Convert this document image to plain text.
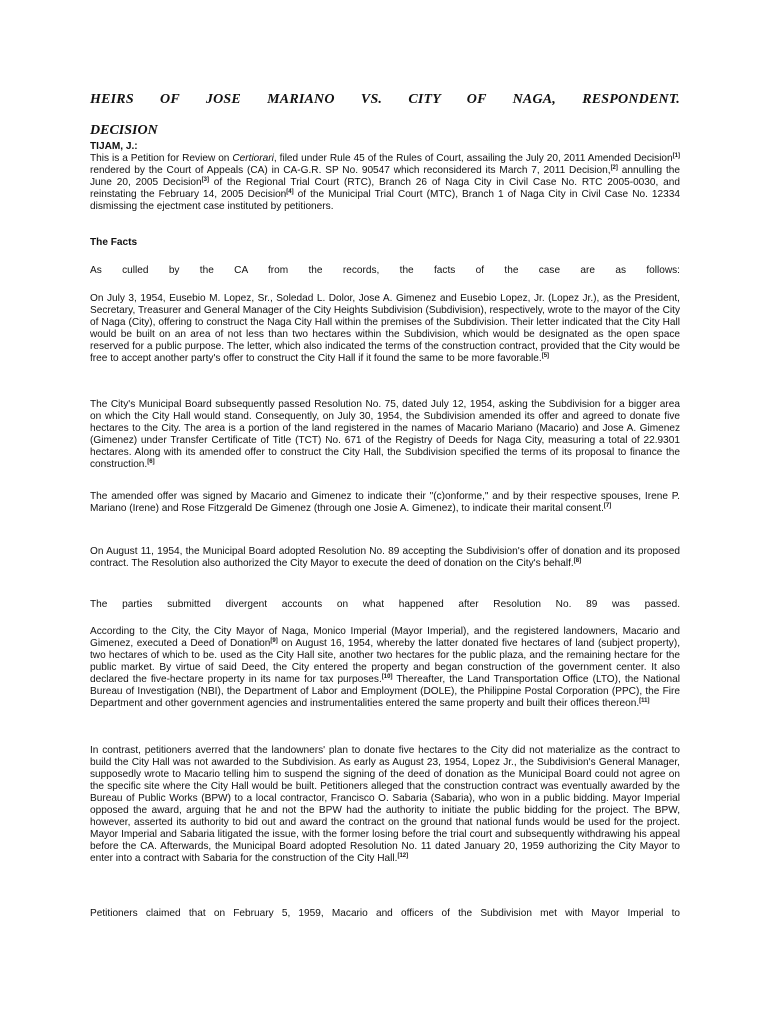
HEIRS OF JOSE MARIANO VS. CITY OF NAGA, RESPONDENT.
DECISION
TIJAM, J.:
This is a Petition for Review on Certiorari, filed under Rule 45 of the Rules of Court, assailing the July 20, 2011 Amended Decision[1] rendered by the Court of Appeals (CA) in CA-G.R. SP No. 90547 which reconsidered its March 7, 2011 Decision,[2] annulling the June 20, 2005 Decision[3] of the Regional Trial Court (RTC), Branch 26 of Naga City in Civil Case No. RTC 2005-0030, and reinstating the February 14, 2005 Decision[4] of the Municipal Trial Court (MTC), Branch 1 of Naga City in Civil Case No. 12334 dismissing the ejectment case instituted by petitioners.
The Facts
As culled by the CA from the records, the facts of the case are as follows:
On July 3, 1954, Eusebio M. Lopez, Sr., Soledad L. Dolor, Jose A. Gimenez and Eusebio Lopez, Jr. (Lopez Jr.), as the President, Secretary, Treasurer and General Manager of the City Heights Subdivision (Subdivision), respectively, wrote to the mayor of the City of Naga (City), offering to construct the Naga City Hall within the premises of the Subdivision. Their letter indicated that the City Hall would be built on an area of not less than two hectares within the Subdivision, which would be designated as the open space reserved for a public purpose. The letter, which also indicated the terms of the construction contract, provided that the City would be free to accept another party's offer to construct the City Hall if it found the same to be more favorable.[5]
The City's Municipal Board subsequently passed Resolution No. 75, dated July 12, 1954, asking the Subdivision for a bigger area on which the City Hall would stand. Consequently, on July 30, 1954, the Subdivision amended its offer and agreed to donate five hectares to the City. The area is a portion of the land registered in the names of Macario Mariano (Macario) and Jose A. Gimenez (Gimenez) under Transfer Certificate of Title (TCT) No. 671 of the Registry of Deeds for Naga City, measuring a total of 22.9301 hectares. Along with its amended offer to construct the City Hall, the Subdivision specified the terms of its proposal to finance the construction.[6]
The amended offer was signed by Macario and Gimenez to indicate their "(c)onforme," and by their respective spouses, Irene P. Mariano (Irene) and Rose Fitzgerald De Gimenez (through one Josie A. Gimenez), to indicate their marital consent.[7]
On August 11, 1954, the Municipal Board adopted Resolution No. 89 accepting the Subdivision's offer of donation and its proposed contract. The Resolution also authorized the City Mayor to execute the deed of donation on the City's behalf.[8]
The parties submitted divergent accounts on what happened after Resolution No. 89 was passed.
According to the City, the City Mayor of Naga, Monico Imperial (Mayor Imperial), and the registered landowners, Macario and Gimenez, executed a Deed of Donation[9] on August 16, 1954, whereby the latter donated five hectares of land (subject property), two hectares of which to be. used as the City Hall site, another two hectares for the public plaza, and the remaining hectare for the public market. By virtue of said Deed, the City entered the property and began construction of the government center. It also declared the five-hectare property in its name for tax purposes.[10] Thereafter, the Land Transportation Office (LTO), the National Bureau of Investigation (NBI), the Department of Labor and Employment (DOLE), the Philippine Postal Corporation (PPC), the Fire Department and other government agencies and instrumentalities entered the same property and built their offices thereon.[11]
In contrast, petitioners averred that the landowners' plan to donate five hectares to the City did not materialize as the contract to build the City Hall was not awarded to the Subdivision. As early as August 23, 1954, Lopez Jr., the Subdivision's General Manager, supposedly wrote to Macario telling him to suspend the signing of the deed of donation as the Municipal Board could not agree on the specific site where the City Hall would be built. Petitioners alleged that the construction contract was eventually awarded by the Bureau of Public Works (BPW) to a local contractor, Francisco O. Sabaria (Sabaria), who won in a public bidding. Mayor Imperial opposed the award, arguing that he and not the BPW had the authority to initiate the public bidding for the project. The BPW, however, asserted its authority to bid out and award the contract on the ground that national funds would be used for the project. Mayor Imperial and Sabaria litigated the issue, with the former losing before the trial court and subsequently withdrawing his appeal before the CA. Afterwards, the Municipal Board adopted Resolution No. 11 dated January 20, 1959 authorizing the City Mayor to enter into a contract with Sabaria for the construction of the City Hall.[12]
Petitioners claimed that on February 5, 1959, Macario and officers of the Subdivision met with Mayor Imperial to
